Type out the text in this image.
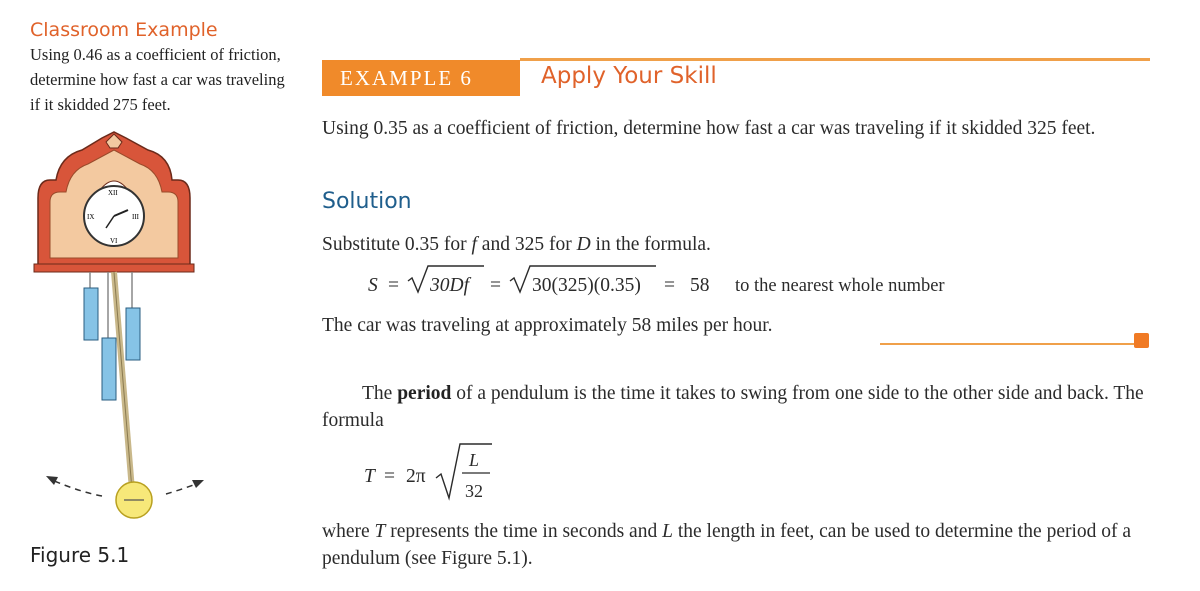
Classroom Example
Using 0.46 as a coefficient of friction, determine how fast a car was traveling if it skidded 275 feet.
XII
III
VI
IX
Figure 5.1
EXAMPLE 6	Apply Your Skill
Using 0.35 as a coefficient of friction, determine how fast a car was traveling if it skidded 325 feet.
Solution
Substitute 0.35 for f and 325 for D in the formula.
S = 30Df = 30(325)(0.35) = 58 to the nearest whole number
T = 2π
L
32
The car was traveling at approximately 58 miles per hour.
The period of a pendulum is the time it takes to swing from one side to the other side and back. The formula
where T represents the time in seconds and L the length in feet, can be used to determine the period of a pendulum (see Figure 5.1).
